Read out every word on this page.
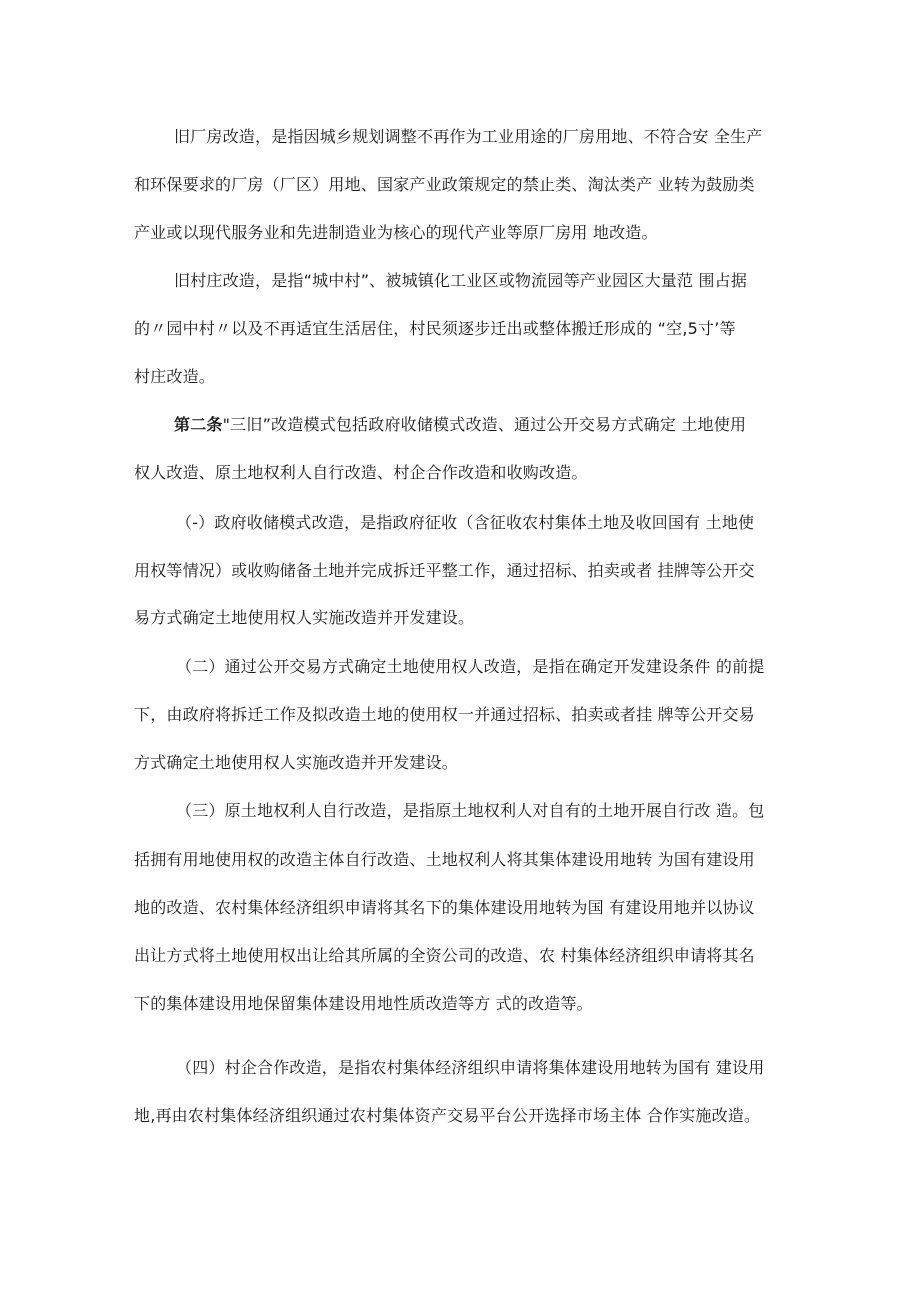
旧厂房改造，是指因城乡规划调整不再作为工业用途的厂房用地、不符合安 全生产
和环保要求的厂房（厂区）用地、国家产业政策规定的禁止类、淘汰类产 业转为鼓励类
产业或以现代服务业和先进制造业为核心的现代产业等原厂房用 地改造。
旧村庄改造，是指“城中村”、被城镇化工业区或物流园等产业园区大量范 围占据
的〃园中村〃以及不再适宜生活居住，村民须逐步迁出或整体搬迁形成的 “空,5寸’等
村庄改造。
第二条"三旧”改造模式包括政府收储模式改造、通过公开交易方式确定 土地使用
权人改造、原土地权利人自行改造、村企合作改造和收购改造。
（-）政府收储模式改造，是指政府征收（含征收农村集体土地及收回国有 土地使
用权等情况）或收购储备土地并完成拆迁平整工作，通过招标、拍卖或者 挂牌等公开交
易方式确定土地使用权人实施改造并开发建设。
（二）通过公开交易方式确定土地使用权人改造，是指在确定开发建设条件 的前提
下，由政府将拆迁工作及拟改造土地的使用权一并通过招标、拍卖或者挂 牌等公开交易
方式确定土地使用权人实施改造并开发建设。
（三）原土地权利人自行改造，是指原土地权利人对自有的土地开展自行改 造。包
括拥有用地使用权的改造主体自行改造、土地权利人将其集体建设用地转 为国有建设用
地的改造、农村集体经济组织申请将其名下的集体建设用地转为国 有建设用地并以协议
出让方式将土地使用权出让给其所属的全资公司的改造、农 村集体经济组织申请将其名
下的集体建设用地保留集体建设用地性质改造等方 式的改造等。
（四）村企合作改造，是指农村集体经济组织申请将集体建设用地转为国有 建设用
地,再由农村集体经济组织通过农村集体资产交易平台公开选择市场主体 合作实施改造。
